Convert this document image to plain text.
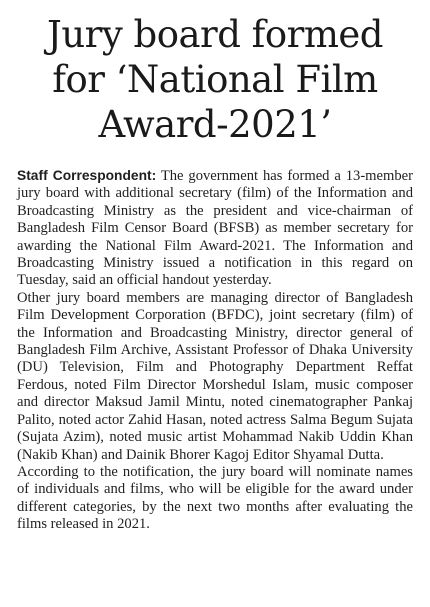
Jury board formed
for ‘National Film
Award-2021’

Staff Correspondent: The government has formed a 13-member jury board with additional secretary (film) of the Information and Broadcasting Ministry as the president and vice-chairman of Bangladesh Film Censor Board (BFSB) as member secretary for awarding the National Film Award-2021. The Information and Broadcasting Ministry issued a notification in this regard on Tuesday, said an official handout yesterday.

Other jury board members are managing director of Bangladesh Film Development Corporation (BFDC), joint secretary (film) of the Information and Broadcasting Ministry, director general of Bangladesh Film Archive, Assistant Professor of Dhaka University (DU) Television, Film and Photography Department Reffat Ferdous, noted Film Director Morshedul Islam, music composer and director Maksud Jamil Mintu, noted cinematographer Pankaj Palito, noted actor Zahid Hasan, noted actress Salma Begum Sujata (Sujata Azim), noted music artist Mohammad Nakib Uddin Khan (Nakib Khan) and Dainik Bhorer Kagoj Editor Shyamal Dutta.

According to the notification, the jury board will nominate names of individuals and films, who will be eligible for the award under different categories, by the next two months after evaluating the films released in 2021.
